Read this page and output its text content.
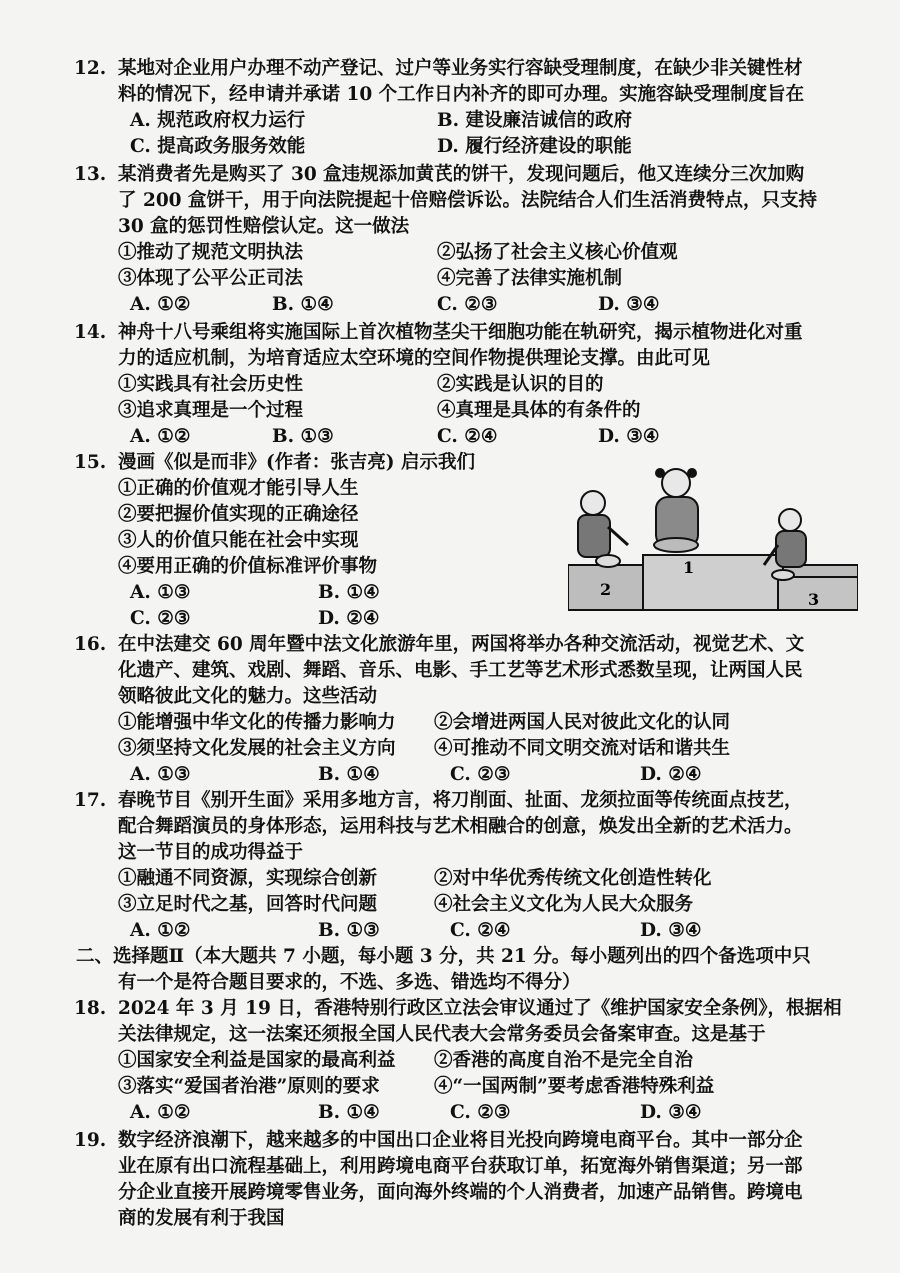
12. 某地对企业用户办理不动产登记、过户等业务实行容缺受理制度，在缺少非关键性材
料的情况下，经申请并承诺 10 个工作日内补齐的即可办理。实施容缺受理制度旨在
A. 规范政府权力运行	B. 建设廉洁诚信的政府
C. 提高政务服务效能	D. 履行经济建设的职能
13. 某消费者先是购买了 30 盒违规添加黄芪的饼干，发现问题后，他又连续分三次加购
了 200 盒饼干，用于向法院提起十倍赔偿诉讼。法院结合人们生活消费特点，只支持
30 盒的惩罚性赔偿认定。这一做法
①推动了规范文明执法	②弘扬了社会主义核心价值观
③体现了公平公正司法	④完善了法律实施机制
A. ①②	B. ①④	C. ②③	D. ③④
14. 神舟十八号乘组将实施国际上首次植物茎尖干细胞功能在轨研究，揭示植物进化对重
力的适应机制，为培育适应太空环境的空间作物提供理论支撑。由此可见
①实践具有社会历史性	②实践是认识的目的
③追求真理是一个过程	④真理是具体的有条件的
A. ①②	B. ①③	C. ②④	D. ③④
15. 漫画《似是而非》(作者：张吉亮) 启示我们
①正确的价值观才能引导人生
②要把握价值实现的正确途径
③人的价值只能在社会中实现
④要用正确的价值标准评价事物
A. ①③	B. ①④
C. ②③	D. ②④
1
2
3
16. 在中法建交 60 周年暨中法文化旅游年里，两国将举办各种交流活动，视觉艺术、文
化遗产、建筑、戏剧、舞蹈、音乐、电影、手工艺等艺术形式悉数呈现，让两国人民
领略彼此文化的魅力。这些活动
①能增强中华文化的传播力影响力 ②会增进两国人民对彼此文化的认同
③须坚持文化发展的社会主义方向 ④可推动不同文明交流对话和谐共生
A. ①③	B. ①④	C. ②③	D. ②④
17. 春晚节目《别开生面》采用多地方言，将刀削面、扯面、龙须拉面等传统面点技艺，
配合舞蹈演员的身体形态，运用科技与艺术相融合的创意，焕发出全新的艺术活力。
这一节目的成功得益于
①融通不同资源，实现综合创新	②对中华优秀传统文化创造性转化
③立足时代之基，回答时代问题	④社会主义文化为人民大众服务
A. ①②	B. ①③	C. ②④	D. ③④
二、选择题Ⅱ（本大题共 7 小题，每小题 3 分，共 21 分。每小题列出的四个备选项中只
有一个是符合题目要求的，不选、多选、错选均不得分）
18. 2024 年 3 月 19 日，香港特别行政区立法会审议通过了《维护国家安全条例》，根据相
关法律规定，这一法案还须报全国人民代表大会常务委员会备案审查。这是基于
①国家安全利益是国家的最高利益 ②香港的高度自治不是完全自治
③落实“爱国者治港”原则的要求	④“一国两制”要考虑香港特殊利益
A. ①②	B. ①④	C. ②③	D. ③④
19. 数字经济浪潮下，越来越多的中国出口企业将目光投向跨境电商平台。其中一部分企
业在原有出口流程基础上，利用跨境电商平台获取订单，拓宽海外销售渠道；另一部
分企业直接开展跨境零售业务，面向海外终端的个人消费者，加速产品销售。跨境电
商的发展有利于我国
